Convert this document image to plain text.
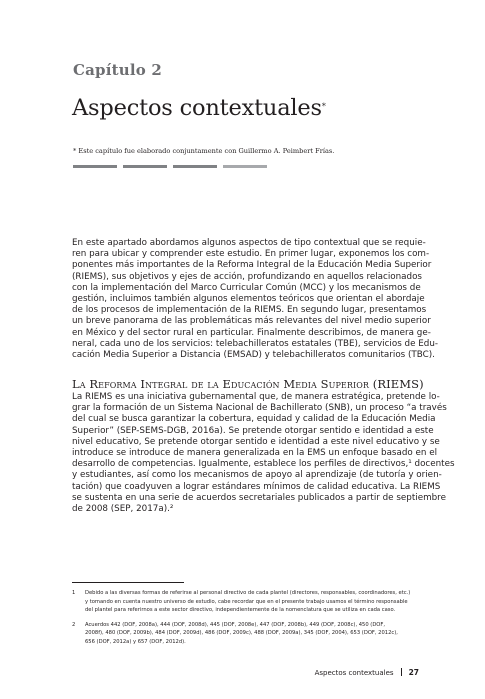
Capítulo 2
Aspectos contextuales*
* Este capítulo fue elaborado conjuntamente con Guillermo A. Peimbert Frías.
En este apartado abordamos algunos aspectos de tipo contextual que se requie-
ren para ubicar y comprender este estudio. En primer lugar, exponemos los com-
ponentes más importantes de la Reforma Integral de la Educación Media Superior
(RIEMS), sus objetivos y ejes de acción, profundizando en aquellos relacionados
con la implementación del Marco Curricular Común (MCC) y los mecanismos de
gestión, incluimos también algunos elementos teóricos que orientan el abordaje
de los procesos de implementación de la RIEMS. En segundo lugar, presentamos
un breve panorama de las problemáticas más relevantes del nivel medio superior
en México y del sector rural en particular. Finalmente describimos, de manera ge-
neral, cada uno de los servicios: telebachilleratos estatales (TBE), servicios de Edu-
cación Media Superior a Distancia (EMSAD) y telebachilleratos comunitarios (TBC).
La Reforma Integral de la Educación Media Superior (RIEMS)
La RIEMS es una iniciativa gubernamental que, de manera estratégica, pretende lo-
grar la formación de un Sistema Nacional de Bachillerato (SNB), un proceso “a través
del cual se busca garantizar la cobertura, equidad y calidad de la Educación Media
Superior” (SEP-SEMS-DGB, 2016a). Se pretende otorgar sentido e identidad a este
nivel educativo, Se pretende otorgar sentido e identidad a este nivel educativo y se
introduce se introduce de manera generalizada en la EMS un enfoque basado en el
desarrollo de competencias. Igualmente, establece los perfiles de directivos,¹ docentes
y estudiantes, así como los mecanismos de apoyo al aprendizaje (de tutoría y orien-
tación) que coadyuven a lograr estándares mínimos de calidad educativa. La RIEMS
se sustenta en una serie de acuerdos secretariales publicados a partir de septiembre
de 2008 (SEP, 2017a).²
1 Debido a las diversas formas de referirse al personal directivo de cada plantel (directores, responsables, coordinadores, etc.)
y tomando en cuenta nuestro universo de estudio, cabe recordar que en el presente trabajo usamos el término responsable
del plantel para referirnos a este sector directivo, independientemente de la nomenclatura que se utiliza en cada caso.
2 Acuerdos 442 (DOF, 2008a), 444 (DOF, 2008d), 445 (DOF, 2008e), 447 (DOF, 2008b), 449 (DOF, 2008c), 450 (DOF,
2008f), 480 (DOF, 2009b), 484 (DOF, 2009d), 486 (DOF, 2009c), 488 (DOF, 2009a), 345 (DOF, 2004), 653 (DOF, 2012c),
656 (DOF, 2012a) y 657 (DOF, 2012d).
Aspectos contextuales 27
